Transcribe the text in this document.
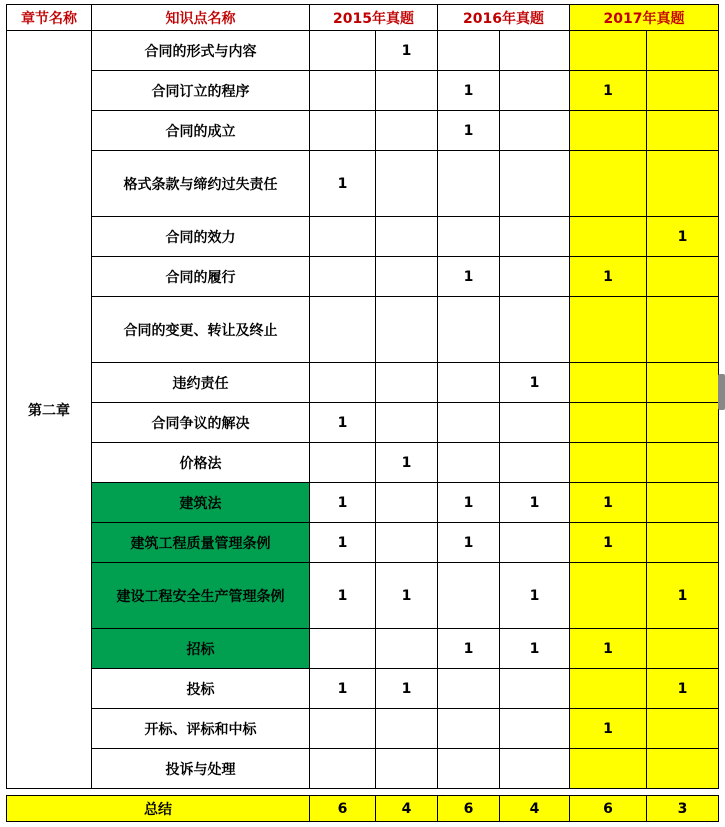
章节名称	知识点名称	2015年真题		2016年真题		2017年真题	
第二章	合同的形式与内容		1				
	合同订立的程序			1		1	
	合同的成立			1			
	格式条款与缔约过失责任	1					
	合同的效力						1
	合同的履行			1		1	
	合同的变更、转让及终止						
	违约责任				1		
	合同争议的解决	1					
	价格法		1				
	建筑法	1		1	1	1	
	建筑工程质量管理条例	1		1		1	
	建设工程安全生产管理条例	1	1		1		1
	招标			1	1	1	
	投标	1	1				1
	开标、评标和中标					1	
	投诉与处理						
总结	6	4	6	4	6	3
